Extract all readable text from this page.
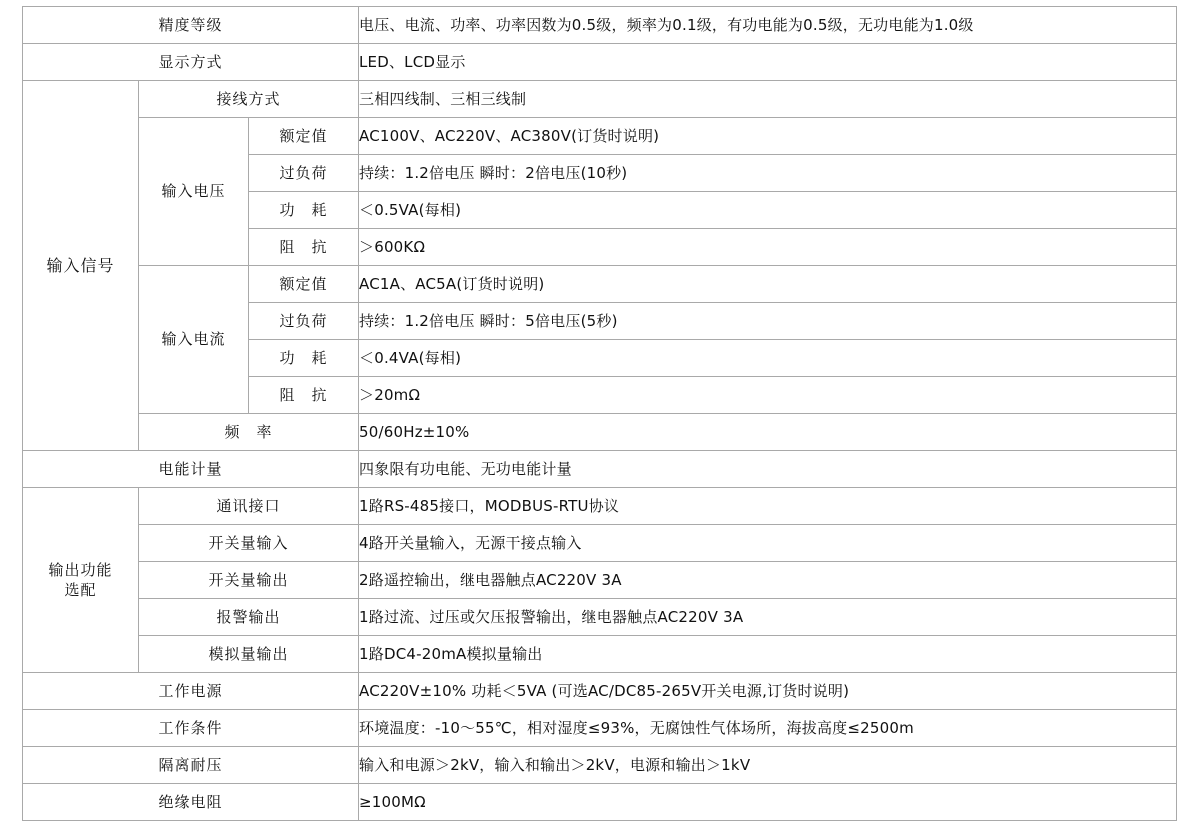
精度等级			电压、电流、功率、功率因数为0.5级，频率为0.1级，有功电能为0.5级，无功电能为1.0级
显示方式			LED、LCD显示
输入信号	接线方式		三相四线制、三相三线制
	输入电压	额定值	AC100V、AC220V、AC380V(订货时说明)
		过负荷	持续：1.2倍电压 瞬时：2倍电压(10秒)
		功　耗	＜0.5VA(每相)
		阻　抗	＞600KΩ
	输入电流	额定值	AC1A、AC5A(订货时说明)
		过负荷	持续：1.2倍电压 瞬时：5倍电压(5秒)
		功　耗	＜0.4VA(每相)
		阻　抗	＞20mΩ
	频　率		50/60Hz±10%
电能计量			四象限有功电能、无功电能计量

输出功能
选配	通讯接口		1路RS-485接口，MODBUS-RTU协议
	开关量输入		4路开关量输入，无源干接点输入
	开关量输出		2路遥控输出，继电器触点AC220V 3A
	报警输出		1路过流、过压或欠压报警输出，继电器触点AC220V 3A
	模拟量输出		1路DC4-20mA模拟量输出
工作电源			AC220V±10% 功耗＜5VA (可选AC/DC85-265V开关电源,订货时说明)
工作条件			环境温度：-10～55℃，相对湿度≤93%，无腐蚀性气体场所，海拔高度≤2500m
隔离耐压			输入和电源＞2kV，输入和输出＞2kV，电源和输出＞1kV
绝缘电阻			≥100MΩ
